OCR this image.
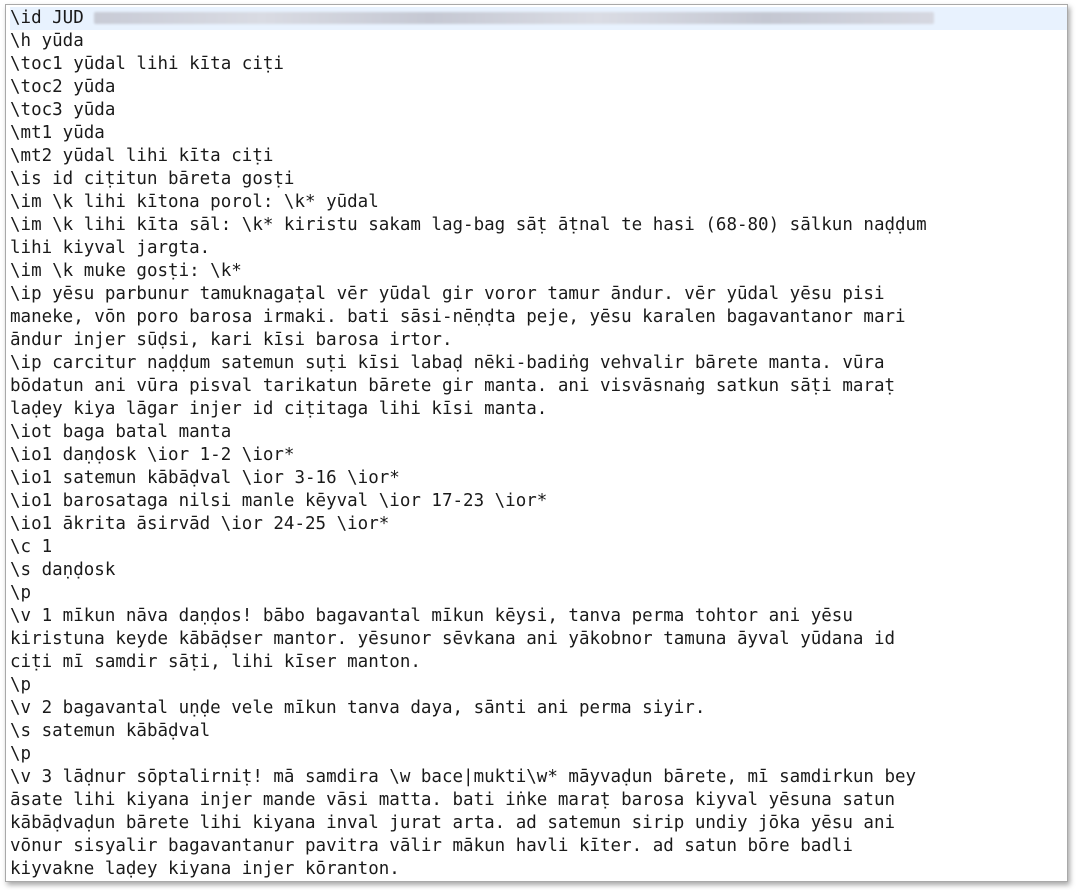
\id JUD
\h yūda
\toc1 yūdal lihi kīta ciṭi
\toc2 yūda
\toc3 yūda
\mt1 yūda
\mt2 yūdal lihi kīta ciṭi
\is id ciṭitun bāreta gosṭi
\im \k lihi kītona porol: \k* yūdal
\im \k lihi kīta sāl: \k* kiristu sakam lag-bag sāṭ āṭnal te hasi (68-80) sālkun naḍḍum
lihi kiyval jargta.
\im \k muke gosṭi: \k*
\ip yēsu parbunur tamuknagaṭal vēr yūdal gir voror tamur āndur. vēr yūdal yēsu pisi
maneke, vōn poro barosa irmaki. bati sāsi-nēṇḍta peje, yēsu karalen bagavantanor mari
āndur injer sūḍsi, kari kīsi barosa irtor.
\ip carcitur naḍḍum satemun suṭi kīsi labaḍ nēki-badiṅg vehvalir bārete manta. vūra
bōdatun ani vūra pisval tarikatun bārete gir manta. ani visvāsnaṅg satkun sāṭi maraṭ
laḍey kiya lāgar injer id ciṭitaga lihi kīsi manta.
\iot baga batal manta
\io1 daṇḍosk \ior 1-2 \ior*
\io1 satemun kābāḍval \ior 3-16 \ior*
\io1 barosataga nilsi manle kēyval \ior 17-23 \ior*
\io1 ākrita āsirvād \ior 24-25 \ior*
\c 1
\s daṇḍosk
\p
\v 1 mīkun nāva daṇḍos! bābo bagavantal mīkun kēysi, tanva perma tohtor ani yēsu
kiristuna keyde kābāḍser mantor. yēsunor sēvkana ani yākobnor tamuna āyval yūdana id
ciṭi mī samdir sāṭi, lihi kīser manton.
\p
\v 2 bagavantal uṇḍe vele mīkun tanva daya, sānti ani perma siyir.
\s satemun kābāḍval
\p
\v 3 lāḍnur sōptalirniṭ! mā samdira \w bace|mukti\w* māyvaḍun bārete, mī samdirkun bey
āsate lihi kiyana injer mande vāsi matta. bati iṅke maraṭ barosa kiyval yēsuna satun
kābāḍvaḍun bārete lihi kiyana inval jurat arta. ad satemun sirip undiy jōka yēsu ani
vōnur sisyalir bagavantanur pavitra vālir mākun havli kīter. ad satun bōre badli
kiyvakne laḍey kiyana injer kōranton.
